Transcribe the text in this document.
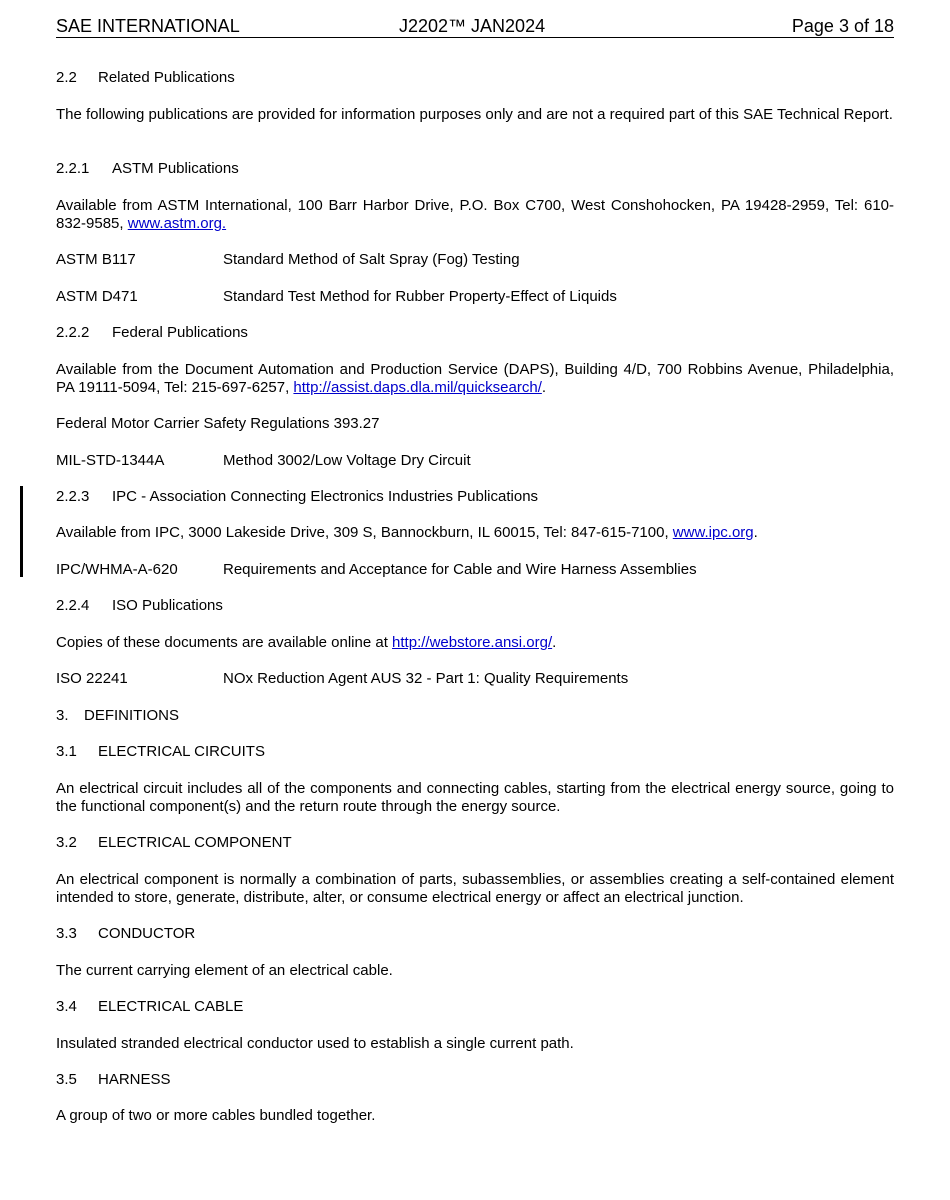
SAE INTERNATIONAL	J2202™ JAN2024	Page 3 of 18
2.2 Related Publications
The following publications are provided for information purposes only and are not a required part of this SAE Technical Report.
2.2.1 ASTM Publications
Available from ASTM International, 100 Barr Harbor Drive, P.O. Box C700, West Conshohocken, PA 19428-2959, Tel: 610-832-9585, www.astm.org.
ASTM B117	Standard Method of Salt Spray (Fog) Testing
ASTM D471	Standard Test Method for Rubber Property-Effect of Liquids
2.2.2 Federal Publications
Available from the Document Automation and Production Service (DAPS), Building 4/D, 700 Robbins Avenue, Philadelphia, PA 19111-5094, Tel: 215-697-6257, http://assist.daps.dla.mil/quicksearch/.
Federal Motor Carrier Safety Regulations 393.27
MIL-STD-1344A	Method 3002/Low Voltage Dry Circuit
2.2.3 IPC - Association Connecting Electronics Industries Publications
Available from IPC, 3000 Lakeside Drive, 309 S, Bannockburn, IL 60015, Tel: 847-615-7100, www.ipc.org.
IPC/WHMA-A-620	Requirements and Acceptance for Cable and Wire Harness Assemblies
2.2.4 ISO Publications
Copies of these documents are available online at http://webstore.ansi.org/.
ISO 22241	NOx Reduction Agent AUS 32 - Part 1: Quality Requirements
3. DEFINITIONS
3.1 ELECTRICAL CIRCUITS
An electrical circuit includes all of the components and connecting cables, starting from the electrical energy source, going to the functional component(s) and the return route through the energy source.
3.2 ELECTRICAL COMPONENT
An electrical component is normally a combination of parts, subassemblies, or assemblies creating a self-contained element intended to store, generate, distribute, alter, or consume electrical energy or affect an electrical junction.
3.3 CONDUCTOR
The current carrying element of an electrical cable.
3.4 ELECTRICAL CABLE
Insulated stranded electrical conductor used to establish a single current path.
3.5 HARNESS
A group of two or more cables bundled together.
